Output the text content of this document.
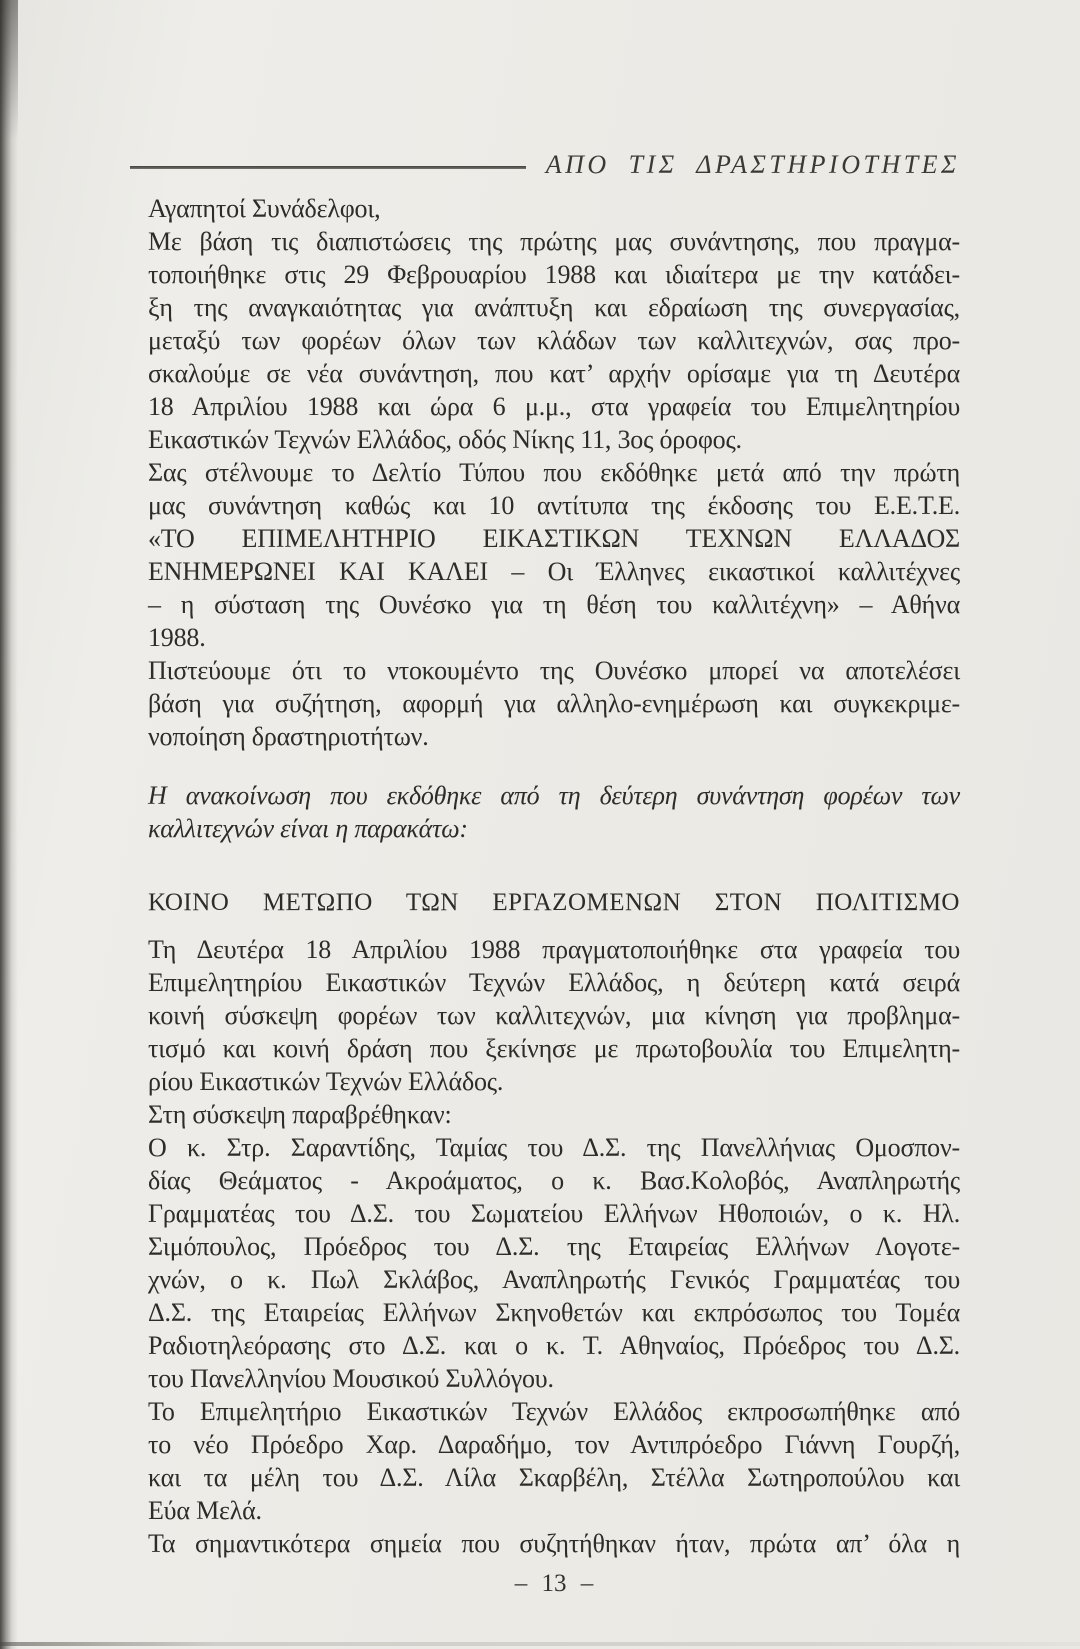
ΑΠΟ ΤΙΣ ΔΡΑΣΤΗΡΙΟΤΗΤΕΣ
Αγαπητοί Συνάδελφοι,
Με βάση τις διαπιστώσεις της πρώτης μας συνάντησης, που πραγμα-
τοποιήθηκε στις 29 Φεβρουαρίου 1988 και ιδιαίτερα με την κατάδει-
ξη της αναγκαιότητας για ανάπτυξη και εδραίωση της συνεργασίας,
μεταξύ των φορέων όλων των κλάδων των καλλιτεχνών, σας προ-
σκαλούμε σε νέα συνάντηση, που κατ’ αρχήν ορίσαμε για τη Δευτέρα
18 Απριλίου 1988 και ώρα 6 μ.μ., στα γραφεία του Επιμελητηρίου
Εικαστικών Τεχνών Ελλάδος, οδός Νίκης 11, 3ος όροφος.
Σας στέλνουμε το Δελτίο Τύπου που εκδόθηκε μετά από την πρώτη
μας συνάντηση καθώς και 10 αντίτυπα της έκδοσης του Ε.Ε.Τ.Ε.
«ΤΟ ΕΠΙΜΕΛΗΤΗΡΙΟ ΕΙΚΑΣΤΙΚΩΝ ΤΕΧΝΩΝ ΕΛΛΑΔΟΣ
ΕΝΗΜΕΡΩΝΕΙ ΚΑΙ ΚΑΛΕΙ – Οι Έλληνες εικαστικοί καλλιτέχνες
– η σύσταση της Ουνέσκο για τη θέση του καλλιτέχνη» – Αθήνα
1988.
Πιστεύουμε ότι το ντοκουμέντο της Ουνέσκο μπορεί να αποτελέσει
βάση για συζήτηση, αφορμή για αλληλο-ενημέρωση και συγκεκριμε-
νοποίηση δραστηριοτήτων.
Η ανακοίνωση που εκδόθηκε από τη δεύτερη συνάντηση φορέων των
καλλιτεχνών είναι η παρακάτω:
ΚΟΙΝΟ ΜΕΤΩΠΟ ΤΩΝ ΕΡΓΑΖΟΜΕΝΩΝ ΣΤΟΝ ΠΟΛΙΤΙΣΜΟ
Τη Δευτέρα 18 Απριλίου 1988 πραγματοποιήθηκε στα γραφεία του
Επιμελητηρίου Εικαστικών Τεχνών Ελλάδος, η δεύτερη κατά σειρά
κοινή σύσκεψη φορέων των καλλιτεχνών, μια κίνηση για προβλημα-
τισμό και κοινή δράση που ξεκίνησε με πρωτοβουλία του Επιμελητη-
ρίου Εικαστικών Τεχνών Ελλάδος.
Στη σύσκεψη παραβρέθηκαν:
Ο κ. Στρ. Σαραντίδης, Ταμίας του Δ.Σ. της Πανελλήνιας Ομοσπον-
δίας Θεάματος - Ακροάματος, ο κ. Βασ.Κολοβός, Αναπληρωτής
Γραμματέας του Δ.Σ. του Σωματείου Ελλήνων Ηθοποιών, ο κ. Ηλ.
Σιμόπουλος, Πρόεδρος του Δ.Σ. της Εταιρείας Ελλήνων Λογοτε-
χνών, ο κ. Πωλ Σκλάβος, Αναπληρωτής Γενικός Γραμματέας του
Δ.Σ. της Εταιρείας Ελλήνων Σκηνοθετών και εκπρόσωπος του Τομέα
Ραδιοτηλεόρασης στο Δ.Σ. και ο κ. Τ. Αθηναίος, Πρόεδρος του Δ.Σ.
του Πανελληνίου Μουσικού Συλλόγου.
Το Επιμελητήριο Εικαστικών Τεχνών Ελλάδος εκπροσωπήθηκε από
το νέο Πρόεδρο Χαρ. Δαραδήμο, τον Αντιπρόεδρο Γιάννη Γουρζή,
και τα μέλη του Δ.Σ. Λίλα Σκαρβέλη, Στέλλα Σωτηροπούλου και
Εύα Μελά.
Τα σημαντικότερα σημεία που συζητήθηκαν ήταν, πρώτα απ’ όλα η
– 13 –
